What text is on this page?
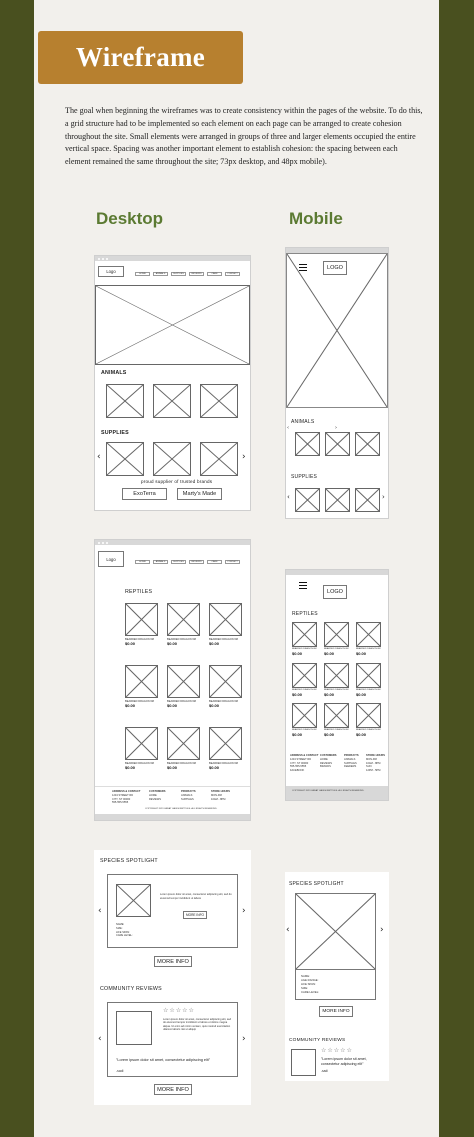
Wireframe

The goal when beginning the wireframes was to create consistency within the pages of the website. To do this, a grid structure had to be implemented so each element on each page can be arranged to create cohesion throughout the site. Small elements were arranged in groups of three and larger elements occupied the entire vertical space. Spacing was another important element to establish cohesion: the spacing between each element remained the same throughout the site; 73px desktop, and 48px mobile).

Desktop	Mobile
Logo	HOME	ANIMALS	SUPPLIES	REVIEWS	CARE	CONTACT
ANIMALS
SUPPLIES
‹	›
proud supplier of trusted brands
ExoTerra	Marty's Made
LOGO
ANIMALS
‹	›
SUPPLIES
‹	›
Logo
HOME	ANIMALS	SUPPLIES	REVIEWS	CARE	CONTACT
REPTILES
BEARDED DRAGON 6M	BEARDED DRAGON 6M	BEARDED DRAGON 6M
$0.00	$0.00	$0.00
BEARDED DRAGON 6M	BEARDED DRAGON 6M	BEARDED DRAGON 6M
$0.00	$0.00	$0.00
BEARDED DRAGON 6M	BEARDED DRAGON 6M	BEARDED DRAGON 6M
$0.00	$0.00	$0.00
ADDRESS & CONTACT
1234 STREET RD
CITY, ST 00000
555-555-5555
CUSTOMERS
HOME
REVIEWS
PRODUCTS
ANIMALS
SUPPLIES
STORE HOURS
MON-FRI
10AM - 8PM
COPYRIGHT 2023 GREAT LAKES REPTILES. ALL RIGHTS RESERVED.
LOGO
REPTILES
BEARDED DRAGON 6M	BEARDED DRAGON 6M	BEARDED DRAGON 6M
$0.00	$0.00	$0.00
BEARDED DRAGON 6M	BEARDED DRAGON 6M	BEARDED DRAGON 6M
$0.00	$0.00	$0.00
BEARDED DRAGON 6M	BEARDED DRAGON 6M	BEARDED DRAGON 6M
$0.00	$0.00	$0.00
ADDRESS & CONTACT
1234 STREET RD
CITY, ST 00000
555-555-5555
FACEBOOK
CUSTOMERS
HOME
REVIEWS
BRANDS
PRODUCTS
ANIMALS
SUPPLIES
FEEDERS
STORE HOURS
MON-FRI
10AM - 8PM
SUN
12PM - 5PM
COPYRIGHT 2023 GREAT LAKES REPTILES. ALL RIGHTS RESERVED.
SPECIES SPOTLIGHT
Lorem ipsum dolor sit amet, consectetur adipiscing elit, sed do eiusmod tempor incididunt ut labore
MORE INFO
NAME:
SIZE:
LIFE SPAN:
CARE LEVEL:
‹	›
MORE INFO
COMMUNITY REVIEWS
☆☆☆☆☆
Lorem ipsum dolor sit amet, consectetur adipiscing elit, sed do eiusmod tempor incididunt ut labore et dolore magna aliqua. Ut enim ad minim veniam, quis nostrud exercitation ullamco laboris nisi ut aliquip
"Lorem ipsum dolor sit amet, consectetur adipiscing elit"
-sadi
‹	›
MORE INFO
SPECIES SPOTLIGHT
NAME:
AGE RANGE:
LIFE SPAN:
SIZE:
CARE LEVEL:
‹	›
MORE INFO
COMMUNITY REVIEWS
☆☆☆☆☆
"Lorem ipsum dolor sit amet, consectetur adipiscing elit"
-sadi
